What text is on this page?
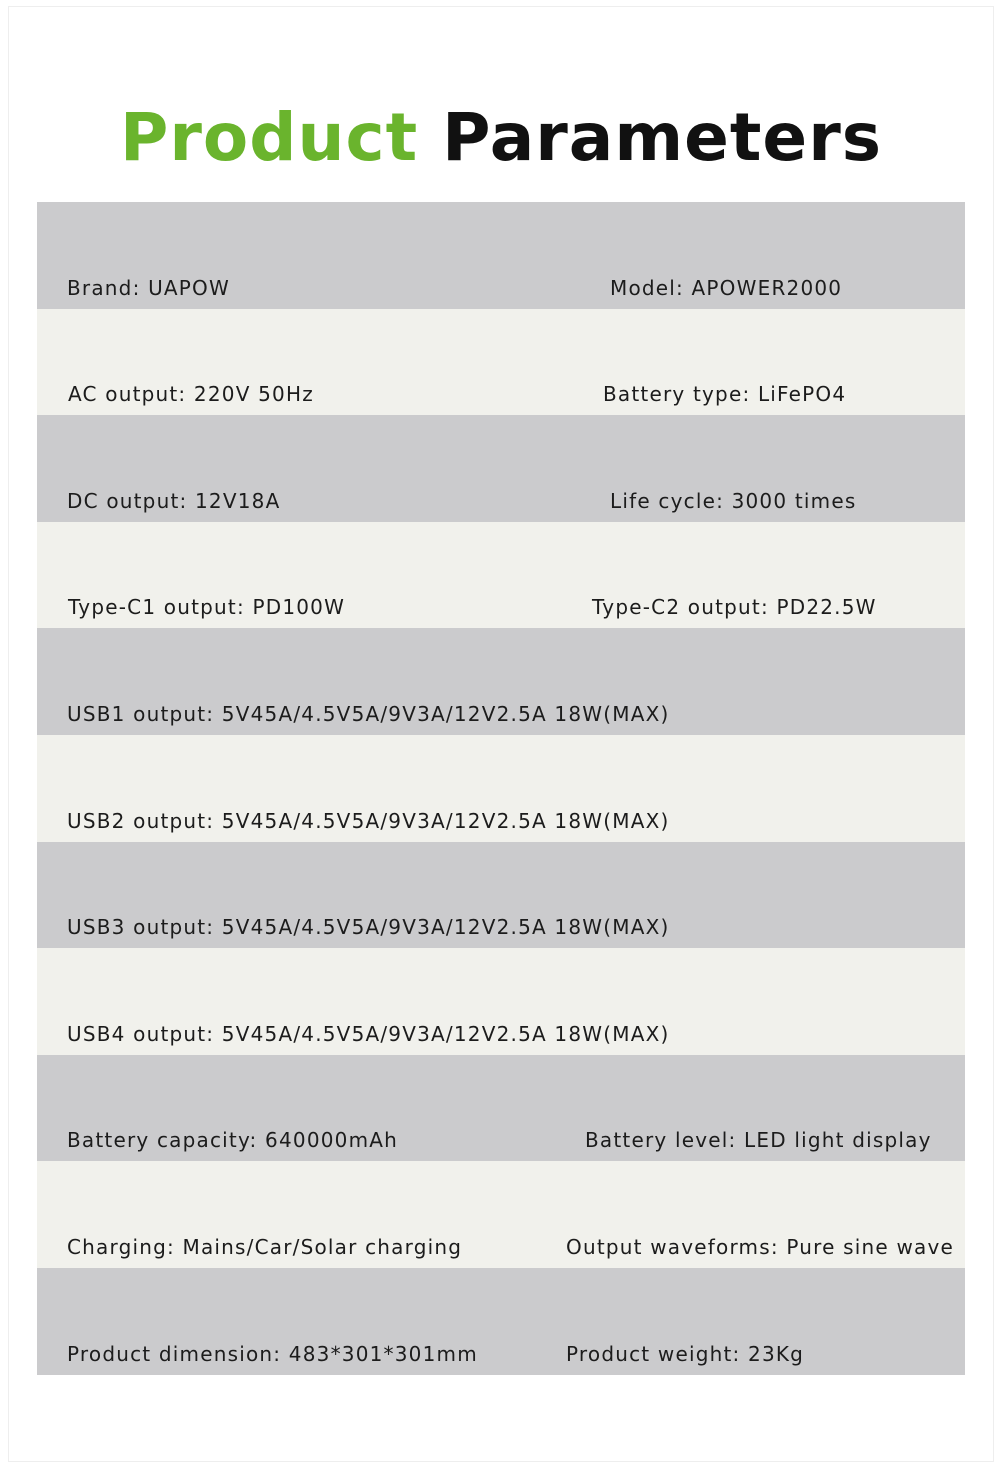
Product Parameters
Brand: UAPOW	Model: APOWER2000
AC output: 220V 50Hz	Battery type: LiFePO4
DC output: 12V18A	Life cycle: 3000 times
Type-C1 output: PD100W	Type-C2 output: PD22.5W
USB1 output: 5V45A/4.5V5A/9V3A/12V2.5A 18W(MAX)
USB2 output: 5V45A/4.5V5A/9V3A/12V2.5A 18W(MAX)
USB3 output: 5V45A/4.5V5A/9V3A/12V2.5A 18W(MAX)
USB4 output: 5V45A/4.5V5A/9V3A/12V2.5A 18W(MAX)
Battery capacity: 640000mAh	Battery level: LED light display
Charging: Mains/Car/Solar charging	Output waveforms: Pure sine wave
Product dimension: 483*301*301mm	Product weight: 23Kg
